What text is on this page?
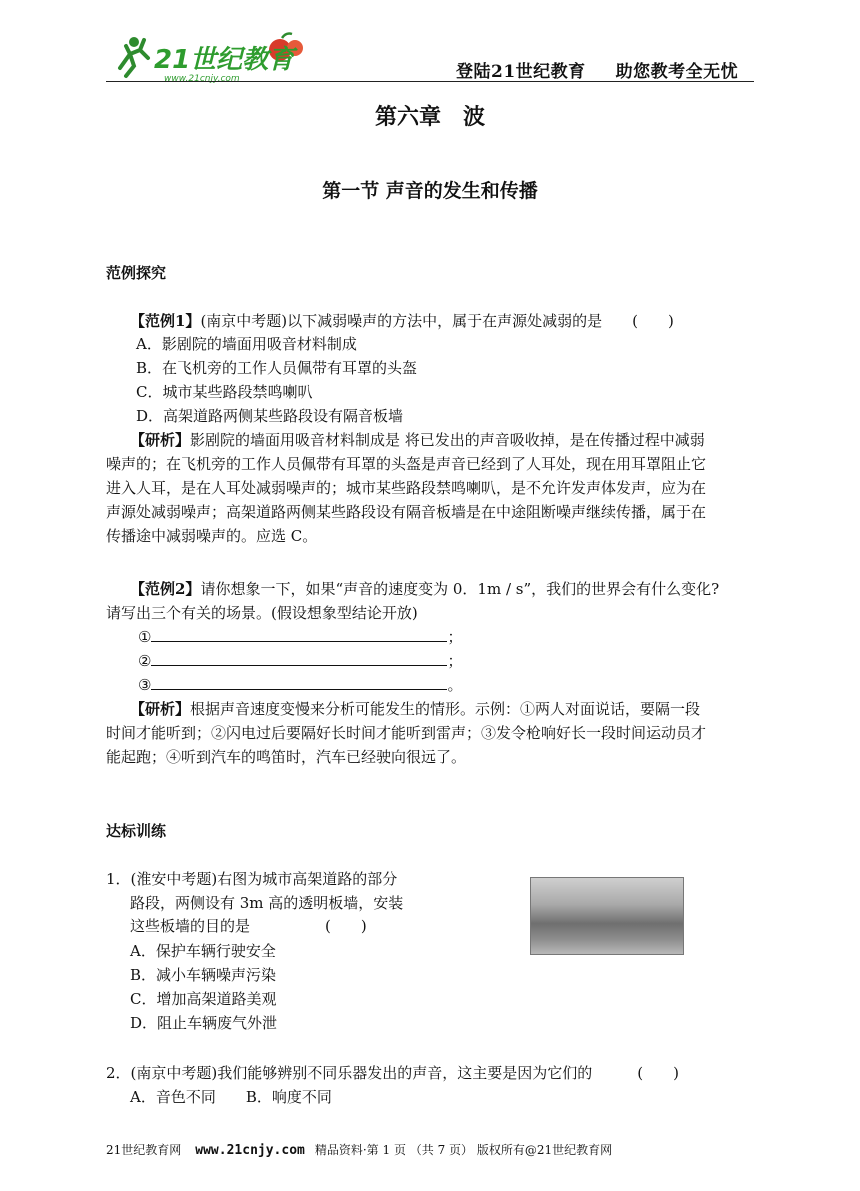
21世纪教育
www.21cnjy.com	登陆21世纪教育 助您教考全无忧
第六章　波
第一节 声音的发生和传播
范例探究
【范例1】(南京中考题)以下减弱噪声的方法中，属于在声源处减弱的是　　(　　)
A．影剧院的墙面用吸音材料制成
B．在飞机旁的工作人员佩带有耳罩的头盔
C．城市某些路段禁鸣喇叭
D．高架道路两侧某些路段设有隔音板墙
【研析】影剧院的墙面用吸音材料制成是 将已发出的声音吸收掉，是在传播过程中减弱
噪声的；在飞机旁的工作人员佩带有耳罩的头盔是声音已经到了人耳处，现在用耳罩阻止它
进入人耳，是在人耳处减弱噪声的；城市某些路段禁鸣喇叭，是不允许发声体发声，应为在
声源处减弱噪声；高架道路两侧某些路段设有隔音板墙是在中途阻断噪声继续传播，属于在
传播途中减弱噪声的。应选 C。
【范例2】请你想象一下，如果“声音的速度变为 0．1m / s”，我们的世界会有什么变化?
请写出三个有关的场景。(假设想象型结论开放)
①	；
②	；
③	。
【研析】根据声音速度变慢来分析可能发生的情形。示例：①两人对面说话，要隔一段
时间才能听到；②闪电过后要隔好长时间才能听到雷声；③发令枪响好长一段时间运动员才
能起跑；④听到汽车的鸣笛时，汽车已经驶向很远了。
达标训练
1．(淮安中考题)右图为城市高架道路的部分
路段，两侧设有 3m 高的透明板墙，安装
这些板墙的目的是　　　　　(　　)
A．保护车辆行驶安全
B．减小车辆噪声污染
C．增加高架道路美观
D．阻止车辆废气外泄
2．(南京中考题)我们能够辨别不同乐器发出的声音，这主要是因为它们的　　　(　　)
A．音色不同　　B．响度不同
21世纪教育网 www.21cnjy.com 精品资料·第 1 页 （共 7 页） 版权所有@21世纪教育网
